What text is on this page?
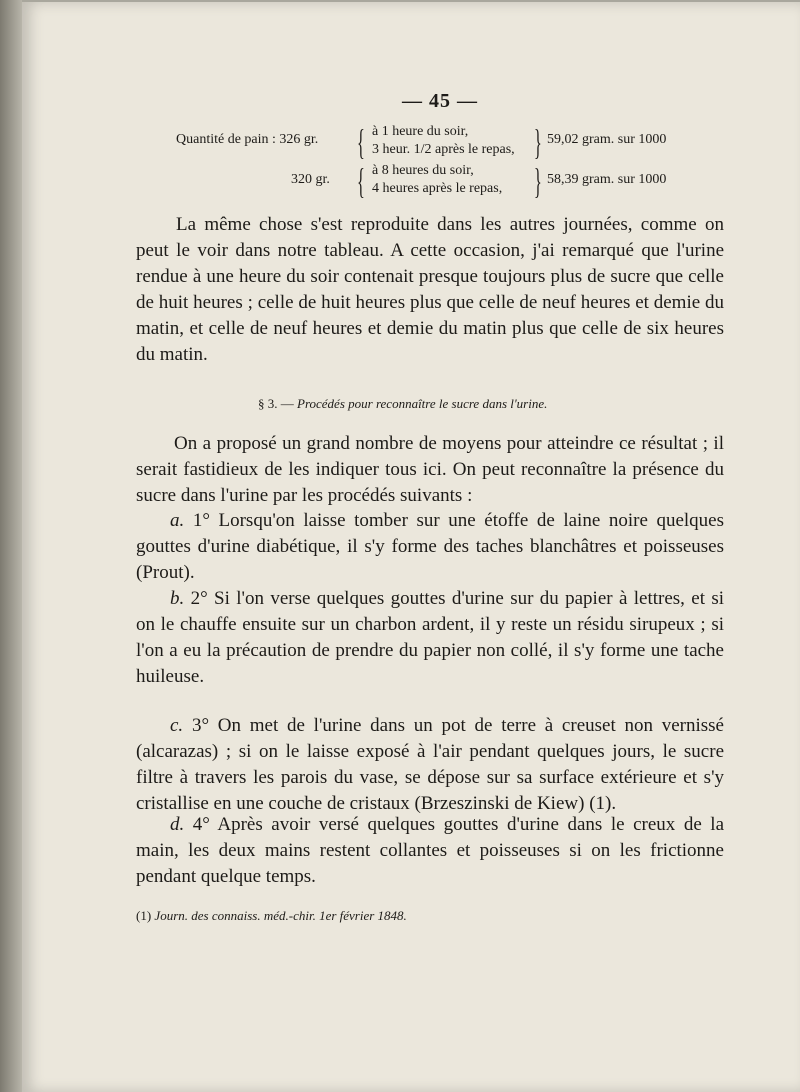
— 45 —
Quantité de pain : 326 gr. { à 1 heure du soir,
3 heur. 1/2 après le repas, } 59,02 gram. sur 1000
320 gr. { à 8 heures du soir,
4 heures après le repas, } 58,39 gram. sur 1000
La même chose s'est reproduite dans les autres journées, comme on peut le voir dans notre tableau. A cette occasion, j'ai remarqué que l'urine rendue à une heure du soir contenait presque toujours plus de sucre que celle de huit heures ; celle de huit heures plus que celle de neuf heures et demie du matin, et celle de neuf heures et demie du matin plus que celle de six heures du matin.
§ 3. — Procédés pour reconnaître le sucre dans l'urine.
On a proposé un grand nombre de moyens pour atteindre ce résultat ; il serait fastidieux de les indiquer tous ici. On peut reconnaître la présence du sucre dans l'urine par les procédés suivants :
a. 1° Lorsqu'on laisse tomber sur une étoffe de laine noire quelques gouttes d'urine diabétique, il s'y forme des taches blanchâtres et poisseuses (Prout).
b. 2° Si l'on verse quelques gouttes d'urine sur du papier à lettres, et si on le chauffe ensuite sur un charbon ardent, il y reste un résidu sirupeux ; si l'on a eu la précaution de prendre du papier non collé, il s'y forme une tache huileuse.
c. 3° On met de l'urine dans un pot de terre à creuset non vernissé (alcarazas) ; si on le laisse exposé à l'air pendant quelques jours, le sucre filtre à travers les parois du vase, se dépose sur sa surface extérieure et s'y cristallise en une couche de cristaux (Brzeszinski de Kiew) (1).
d. 4° Après avoir versé quelques gouttes d'urine dans le creux de la main, les deux mains restent collantes et poisseuses si on les frictionne pendant quelque temps.
(1) Journ. des connaiss. méd.-chir. 1er février 1848.
